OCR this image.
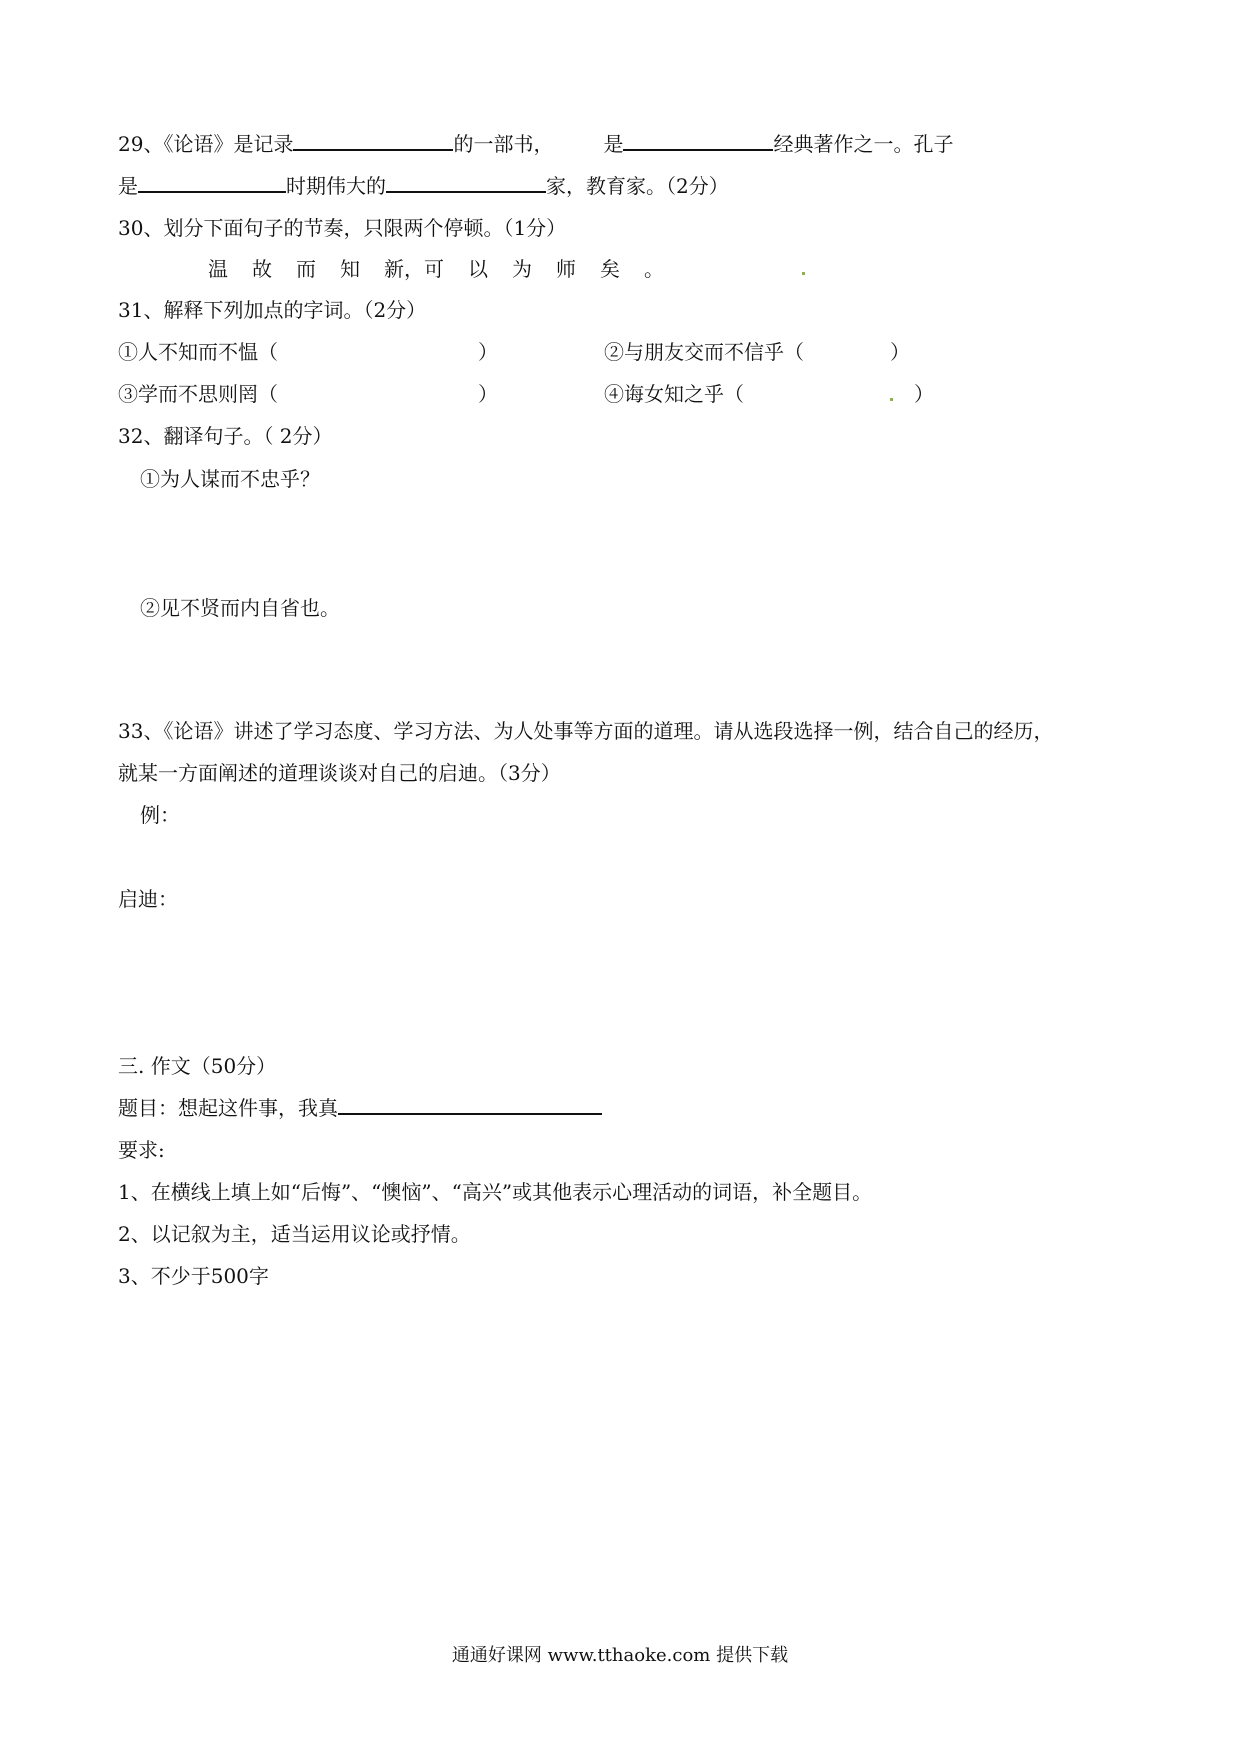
29、《论语》是记录	的一部书，	是	经典著作之一。孔子
是	时期伟大的	家，教育家。（2分）
30、划分下面句子的节奏，只限两个停顿。（1分）
温 故 而 知 新，可 以 为 师 矣 。
31、解释下列加点的字词。（2分）
①人不知而不愠（	）	②与朋友交而不信乎（	）
③学而不思则罔（	）	④诲女知之乎（	）
32、翻译句子。（ 2分）
①为人谋而不忠乎？
②见不贤而内自省也。
33、《论语》讲述了学习态度、学习方法、为人处事等方面的道理。请从选段选择一例，结合自己的经历，
就某一方面阐述的道理谈谈对自己的启迪。（3分）
例：
启迪：
三. 作文（50分）
题目：想起这件事，我真
要求:
1、在横线上填上如“后悔”、“懊恼”、“高兴”或其他表示心理活动的词语，补全题目。
2、以记叙为主，适当运用议论或抒情。
3、不少于500字
通通好课网 www.tthaoke.com 提供下载
